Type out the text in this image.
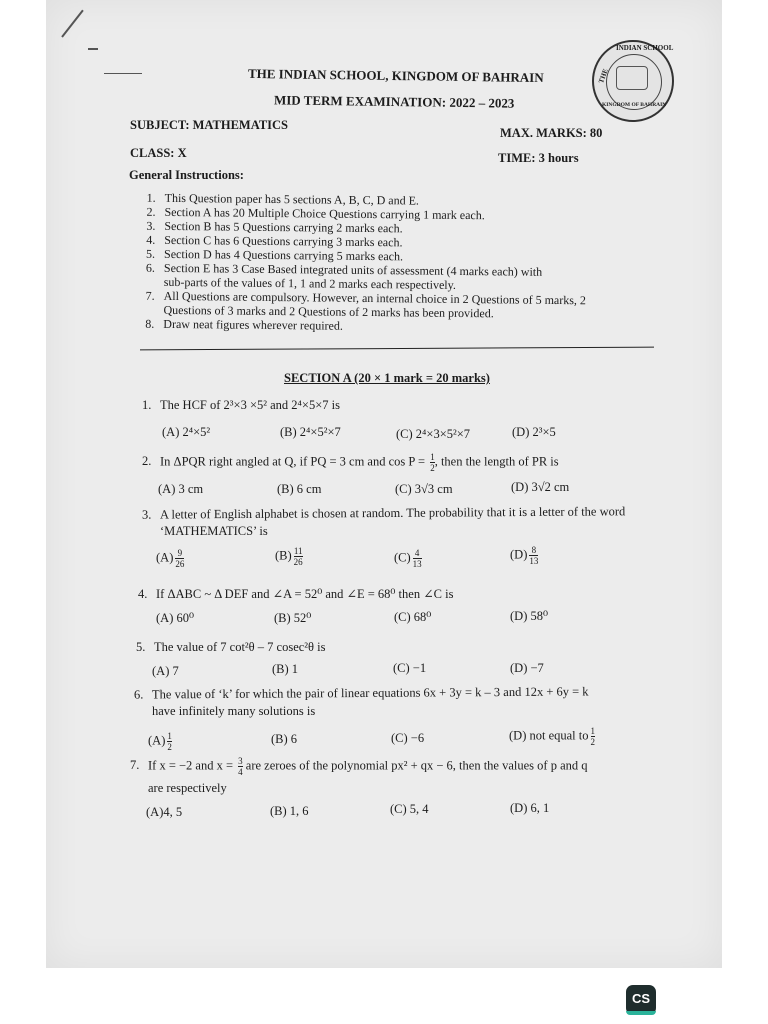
INDIAN SCHOOL
THE
KINGDOM OF BAHRAIN
THE INDIAN SCHOOL, KINGDOM OF BAHRAIN
MID TERM EXAMINATION: 2022 – 2023
SUBJECT: MATHEMATICS
MAX. MARKS: 80
CLASS: X	TIME: 3 hours
General Instructions:
1. This Question paper has 5 sections A, B, C, D and E.
2. Section A has 20 Multiple Choice Questions carrying 1 mark each.
3. Section B has 5 Questions carrying 2 marks each.
4. Section C has 6 Questions carrying 3 marks each.
5. Section D has 4 Questions carrying 5 marks each.
6. Section E has 3 Case Based integrated units of assessment (4 marks each) with
sub-parts of the values of 1, 1 and 2 marks each respectively.
7. All Questions are compulsory. However, an internal choice in 2 Questions of 5 marks, 2
Questions of 3 marks and 2 Questions of 2 marks has been provided.
8. Draw neat figures wherever required.
SECTION A (20 × 1 mark = 20 marks)
1. The HCF of 2³×3 ×5² and 2⁴×5×7 is
(A) 2⁴×5²	(B) 2⁴×5²×7	(C) 2⁴×3×5²×7	(D) 2³×5
2. In ΔPQR right angled at Q, if PQ = 3 cm and $\cos P = \frac{1}{2}$ , then the length of PR is
(A) 3 cm	(B) 6 cm	(C) 3√3 cm	(D) 3√2 cm
3. A letter of English alphabet is chosen at random. The probability that it is a letter of the word
‘MATHEMATICS’ is
$(A) \frac{9}{26}$	$(B) \frac{11}{26}$	$(C) \frac{4}{13}$	$(D) \frac{8}{13}$
4. If ΔABC ~ Δ DEF and ∠A = 52⁰ and ∠E = 68⁰ then ∠C is
(A) 60⁰	(B) 52⁰	(C) 68⁰	(D) 58⁰
5. The value of 7 cot²θ – 7 cosec²θ is
(A) 7	(B) 1	(C) −1	(D) −7
6. The value of ‘k’ for which the pair of linear equations 6x + 3y = k – 3 and 12x + 6y = k
have infinitely many solutions is
$(A) \frac{1}{2}$	(B) 6	(C) −6	(D) not equal to $\frac{1}{2}$
7. If x = −2 and $x = \frac{3}{4}$ are zeroes of the polynomial px² + qx − 6, then the values of p and q
are respectively
(A)4, 5	(B) 1, 6	(C) 5, 4	(D) 6, 1
CS
